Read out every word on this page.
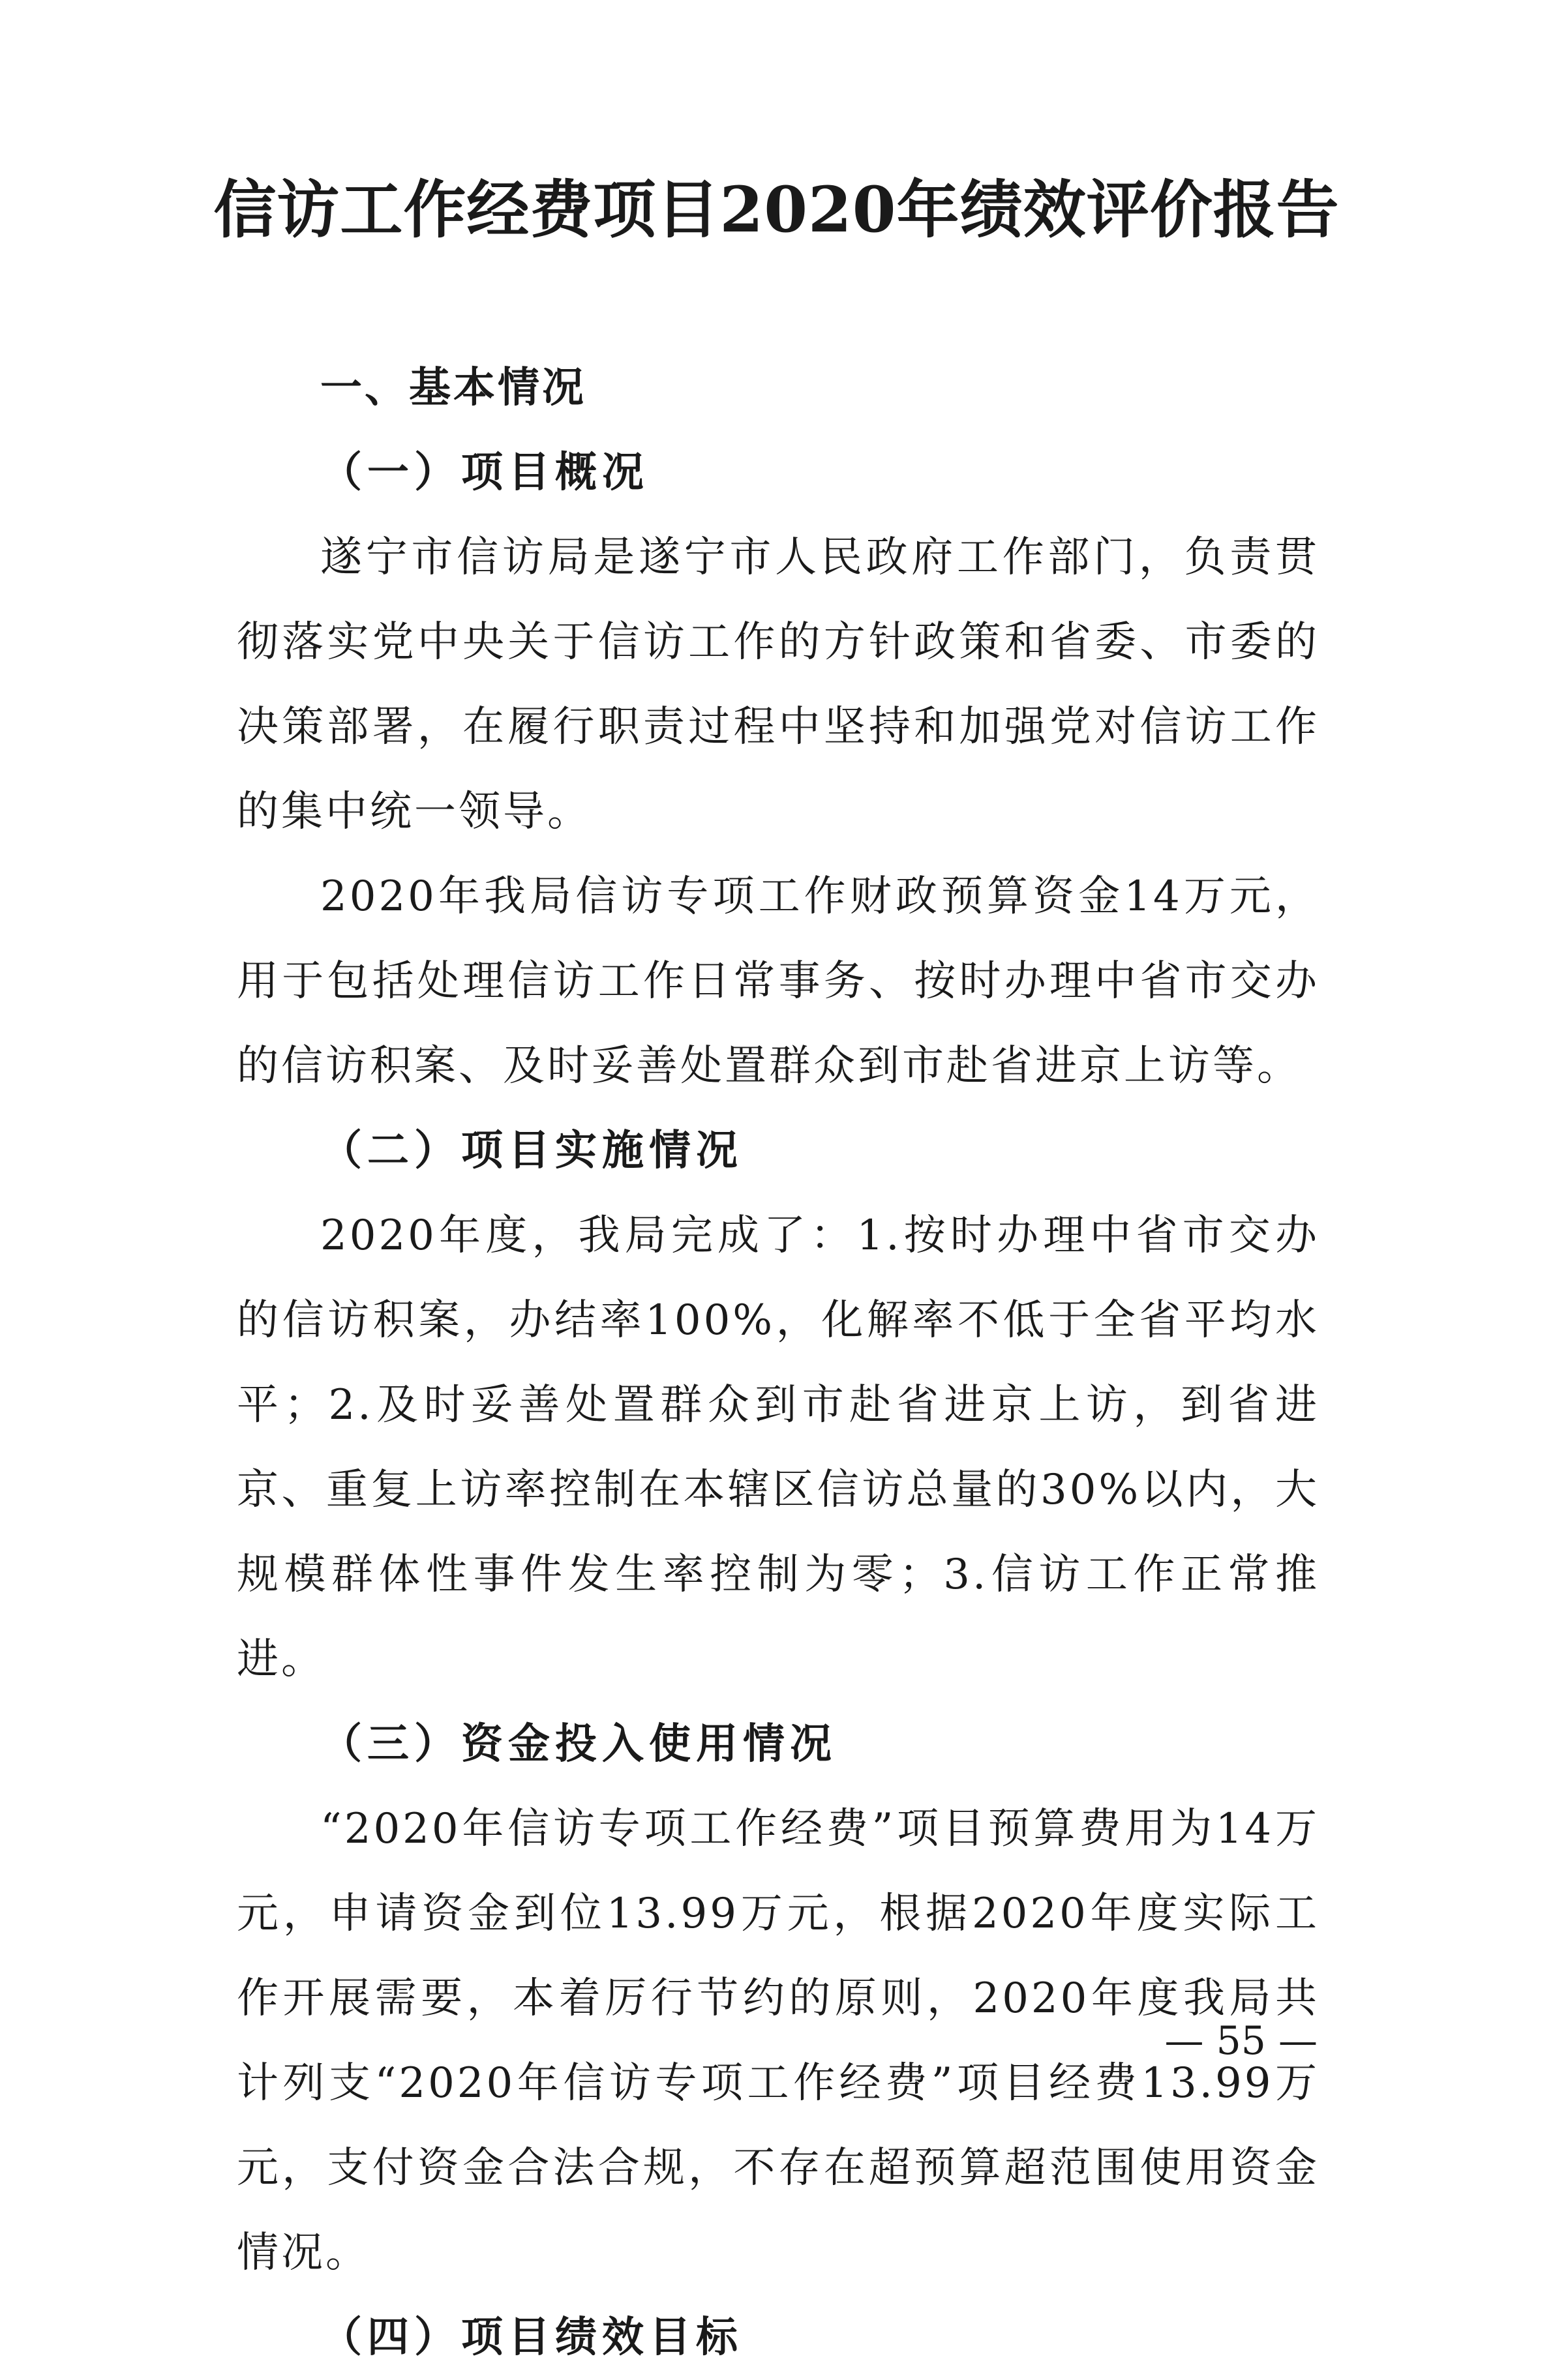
信访工作经费项目2020年绩效评价报告

一、基本情况

（一）项目概况

遂宁市信访局是遂宁市人民政府工作部门，负责贯彻落实党中央关于信访工作的方针政策和省委、市委的决策部署，在履行职责过程中坚持和加强党对信访工作的集中统一领导。

2020年我局信访专项工作财政预算资金14万元，用于包括处理信访工作日常事务、按时办理中省市交办的信访积案、及时妥善处置群众到市赴省进京上访等。

（二）项目实施情况

2020年度，我局完成了：1.按时办理中省市交办的信访积案，办结率100%，化解率不低于全省平均水平；2.及时妥善处置群众到市赴省进京上访，到省进京、重复上访率控制在本辖区信访总量的30%以内，大规模群体性事件发生率控制为零；3.信访工作正常推进。

（三）资金投入使用情况

“2020年信访专项工作经费”项目预算费用为14万元，申请资金到位13.99万元，根据2020年度实际工作开展需要，本着厉行节约的原则，2020年度我局共计列支“2020年信访专项工作经费”项目经费13.99万元，支付资金合法合规，不存在超预算超范围使用资金情况。

（四）项目绩效目标

— 55 —
